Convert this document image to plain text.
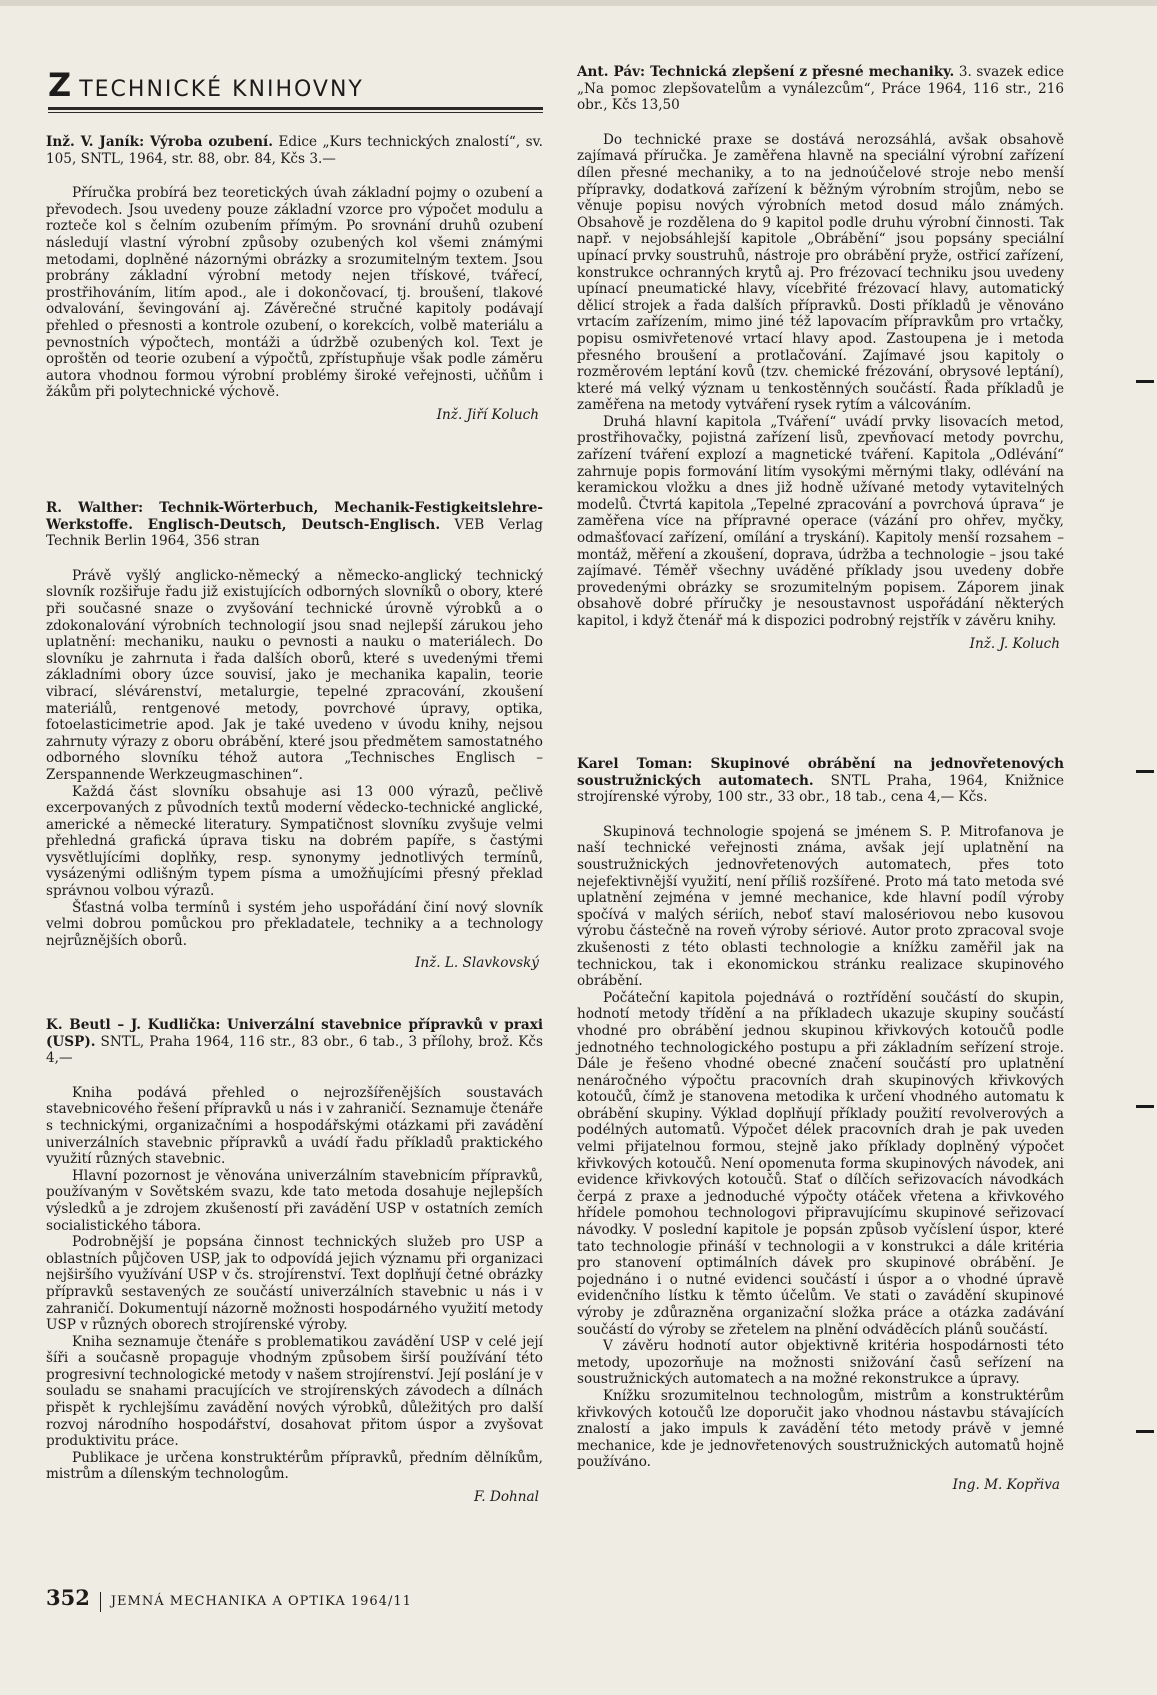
Z TECHNICKÉ KNIHOVNY
Inž. V. Janík: Výroba ozubení. Edice „Kurs technických znalostí“, sv. 105, SNTL, 1964, str. 88, obr. 84, Kčs 3.—

Příručka probírá bez teoretických úvah základní pojmy o ozubení a převodech. Jsou uvedeny pouze základní vzorce pro výpočet modulu a roztеče kol s čelním ozubením přímým. Po srovnání druhů ozubení následují vlastní výrobní způsoby ozubených kol všemi známými metodami, doplněné názornými obrázky a srozumitelným textem. Jsou probrány základní výrobní metody nejen třískové, tvářecí, prostřihováním, litím apod., ale i dokončovací, tj. broušení, tlakové odvalování, ševingování aj. Závěrečné stručné kapitoly podávají přehled o přesnosti a kontrole ozubení, o korekcích, volbě materiálu a pevnostních výpočtech, montáži a údržbě ozubených kol. Text je oproštěn od teorie ozubení a výpočtů, zpřístupňuje však podle záměru autora vhodnou formou výrobní problémy široké veřejnosti, učňům i žákům při polytechnické výchově.

Inž. Jiří Koluch
R. Walther: Technik-Wörterbuch, Mechanik-Festigkeitslehre-Werkstoffe. Englisch-Deutsch, Deutsch-Englisch. VEB Verlag Technik Berlin 1964, 356 stran

Právě vyšlý anglicko-německý a německo-anglický technický slovník rozšiřuje řadu již existujících odborných slovníků o obory, které při současné snaze o zvyšování technické úrovně výrobků a o zdokonalování výrobních technologií jsou snad nejlepší zárukou jeho uplatnění: mechaniku, nauku o pevnosti a nauku o materiálech. Do slovníku je zahrnuta i řada dalších oborů, které s uvedenými třemi základními obory úzce souvisí, jako je mechanika kapalin, teorie vibrací, slévárenství, metalurgie, tepelné zpracování, zkoušení materiálů, rentgenové metody, povrchové úpravy, optika, fotoelasticimetrie apod. Jak je také uvedeno v úvodu knihy, nejsou zahrnuty výrazy z oboru obrábění, které jsou předmětem samostatného odborného slovníku téhož autora „Technisches Englisch – Zerspannende Werkzeugmaschinen“.

Každá část slovníku obsahuje asi 13 000 výrazů, pečlivě excerpovaných z původních textů moderní vědecko-technické anglické, americké a německé literatury. Sympatičnost slovníku zvyšuje velmi přehledná grafická úprava tisku na dobrém papíře, s častými vysvětlujícími doplňky, resp. synonymy jednotlivých termínů, vysázenými odlišným typem písma a umožňujícími přesný překlad správnou volbou výrazů.

Šťastná volba termínů i systém jeho uspořádání činí nový slovník velmi dobrou pomůckou pro překladatele, techniky a a technology nejrůznějších oborů.

Inž. L. Slavkovský
K. Beutl – J. Kudlička: Univerzální stavebnice přípravků v praxi (USP). SNTL, Praha 1964, 116 str., 83 obr., 6 tab., 3 přílohy, brož. Kčs 4,—

Kniha podává přehled o nejrozšířenějších soustavách stavebnicového řešení přípravků u nás i v zahraničí. Seznamuje čtenáře s technickými, organizačními a hospodářskými otázkami při zavádění univerzálních stavebnic přípravků a uvádí řadu příkladů praktického využití různých stavebnic.

Hlavní pozornost je věnována univerzálním stavebnicím přípravků, používaným v Sovětském svazu, kde tato metoda dosahuje nejlepších výsledků a je zdrojem zkušeností při zavádění USP v ostatních zemích socialistického tábora.

Podrobnější je popsána činnost technických služeb pro USP a oblastních půjčoven USP, jak to odpovídá jejich významu při organizaci nejširšího využívání USP v čs. strojírenství. Text doplňují četné obrázky přípravků sestavených ze součástí univerzálních stavebnic u nás i v zahraničí. Dokumentují názorně možnosti hospodárného využití metody USP v různých oborech strojírenské výroby.

Kniha seznamuje čtenáře s problematikou zavádění USP v celé její šíři a současně propaguje vhodným způsobem širší používání této progresivní technologické metody v našem strojírenství. Její poslání je v souladu se snahami pracujících ve strojírenských závodech a dílnách přispět k rychlejšímu zavádění nových výrobků, důležitých pro další rozvoj národního hospodářství, dosahovat přitom úspor a zvyšovat produktivitu práce.

Publikace je určena konstruktérům přípravků, předním dělníkům, mistrům a dílenským technologům.

F. Dohnal
Ant. Páv: Technická zlepšení z přesné mechaniky. 3. svazek edice „Na pomoc zlepšovatelům a vynálezcům“, Práce 1964, 116 str., 216 obr., Kčs 13,50

Do technické praxe se dostává nerozsáhlá, avšak obsahově zajímavá příručka. Je zaměřena hlavně na speciální výrobní zařízení dílen přesné mechaniky, a to na jednoúčelové stroje nebo menší přípravky, dodatková zařízení k běžným výrobním strojům, nebo se věnuje popisu nových výrobních metod dosud málo známých. Obsahově je rozdělena do 9 kapitol podle druhu výrobní činnosti. Tak např. v nejobsáhlejší kapitole „Obrábění“ jsou popsány speciální upínací prvky soustruhů, nástroje pro obrábění pryže, ostřicí zařízení, konstrukce ochranných krytů aj. Pro frézovací techniku jsou uvedeny upínací pneumatické hlavy, vícebřité frézovací hlavy, automatický dělicí strojek a řada dalších přípravků. Dosti příkladů je věnováno vrtacím zařízením, mimo jiné též lapovacím přípravkům pro vrtačky, popisu osmivřetenové vrtací hlavy apod. Zastoupena je i metoda přesného broušení a protlačování. Zajímavé jsou kapitoly o rozměrovém leptání kovů (tzv. chemické frézování, obrysové leptání), které má velký význam u tenkostěnných součástí. Řada příkladů je zaměřena na metody vytváření rysek rytím a válcováním.

Druhá hlavní kapitola „Tváření“ uvádí prvky lisovacích metod, prostřihovačky, pojistná zařízení lisů, zpevňovací metody povrchu, zařízení tváření explozí a magnetické tváření. Kapitola „Odlévání“ zahrnuje popis formování litím vysokými měrnými tlaky, odlévání na keramickou vložku a dnes již hodně užívané metody vytavitelných modelů. Čtvrtá kapitola „Tepelné zpracování a povrchová úprava“ je zaměřena více na přípravné operace (vázání pro ohřev, myčky, odmašťovací zařízení, omílání a tryskání). Kapitoly menší rozsahem – montáž, měření a zkoušení, doprava, údržba a technologie – jsou také zajímavé. Téměř všechny uváděné příklady jsou uvedeny dobře provedenými obrázky se srozumitelným popisem. Záporem jinak obsahově dobré příručky je nesoustavnost uspořádání některých kapitol, i když čtenář má k dispozici podrobný rejstřík v závěru knihy.

Inž. J. Koluch
Karel Toman: Skupinové obrábění na jednovřetenových soustružnických automatech. SNTL Praha, 1964, Knižnice strojírenské výroby, 100 str., 33 obr., 18 tab., cena 4,— Kčs.

Skupinová technologie spojená se jménem S. P. Mitrofanova je naší technické veřejnosti známa, avšak její uplatnění na soustružnických jednovřetenových automatech, přes toto nejefektivnější využití, není příliš rozšířené. Proto má tato metoda své uplatnění zejména v jemné mechanice, kde hlavní podíl výroby spočívá v malých sériích, neboť staví malosériovou nebo kusovou výrobu částečně na roveň výroby sériové. Autor proto zpracoval svoje zkušenosti z této oblasti technologie a knížku zaměřil jak na technickou, tak i ekonomickou stránku realizace skupinového obrábění.

Počáteční kapitola pojednává o roztřídění součástí do skupin, hodnotí metody třídění a na příkladech ukazuje skupiny součástí vhodné pro obrábění jednou skupinou křivkových kotoučů podle jednotného technologického postupu a při základním seřízení stroje. Dále je řešeno vhodné obecné značení součástí pro uplatnění nenáročného výpočtu pracovních drah skupinových křivkových kotoučů, čímž je stanovena metodika k určení vhodného automatu k obrábění skupiny. Výklad doplňují příklady použití revolverových a podélných automatů. Výpočet délek pracovních drah je pak uveden velmi přijatelnou formou, stejně jako příklady doplněný výpočet křivkových kotoučů. Není opomenuta forma skupinových návodek, ani evidence křivkových kotoučů. Stať o dílčích seřizovacích návodkách čerpá z praxe a jednoduché výpočty otáček vřetena a křivkového hřídele pomohou technologovi připravujícímu skupinové seřizovací návodky. V poslední kapitole je popsán způsob vyčíslení úspor, které tato technologie přináší v technologii a v konstrukci a dále kritéria pro stanovení optimálních dávek pro skupinové obrábění. Je pojednáno i o nutné evidenci součástí i úspor a o vhodné úpravě evidenčního lístku k těmto účelům. Ve stati o zavádění skupinové výroby je zdůrazněna organizační složka práce a otázka zadávání součástí do výroby se zřetelem na plnění odváděcích plánů součástí.

V závěru hodnotí autor objektivně kritéria hospodárnosti této metody, upozorňuje na možnosti snižování časů seřízení na soustružnických automatech a na možné rekonstrukce a úpravy.

Knížku srozumitelnou technologům, mistrům a konstruktérům křivkových kotoučů lze doporučit jako vhodnou nástavbu stávajících znalostí a jako impuls k zavádění této metody právě v jemné mechanice, kde je jednovřetenových soustružnických automatů hojně používáno.

Ing. M. Kopřiva
352 JEMNÁ MECHANIKA A OPTIKA 1964/11
